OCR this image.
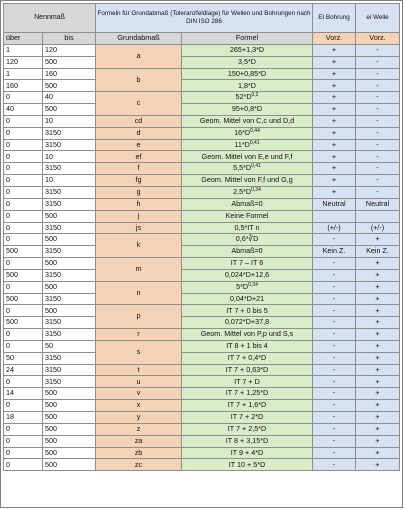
Nennmaß		Formeln für Grundabmaß (Toleranzfeldlage) für Wellen und Bohrungen nach DIN ISO 286		EI Bohrung	ei Welle
über	bis	Grundabmaß	Formel	Vorz.	Vorz.
1	120	a	265+1,3*D	+	-
120	500		3,5*D	+	-
1	160	b	150+0,85*D	+	-
160	500		1,8*D	+	-
0	40	c	$52*D^{0,2}$	+	-
40	500		95+0,8*D	+	-
0	10	cd	Geom. Mittel von C,c und D,d	+	-
0	3150	d	$16*D^{0,44}$	+	-
0	3150	e	$11*D^{0,41}$	+	-
0	10	ef	Geom. Mittel von E,e und F,f	+	-
0	3150	f	$5,5*D^{0,41}$	+	-
0	10	fg	Geom. Mittel von F,f und G,g	+	-
0	3150	g	$2,5*D^{0,34}$	+	-
0	3150	h	Abmaß=0	Neutral	Neutral
0	500	j	Keine Formel		
0	3150	js	0,5*IT n	(+/-)	(+/-)
0	500	k	0,6*∛D	-	+
500	3150		Abmaß=0	Kein Z.	Kein Z.
0	500	m	IT 7 – IT 6	-	+
500	3150		0,024*D+12,6	-	+
0	500	n	$5*D^{0,34}$	-	+
500	3150		0,04*D+21	-	+
0	500	p	IT 7 + 0 bis 5	-	+
500	3150		0,072*D+37,8	-	+
0	3150	r	Geom. Mittel von P,p und S,s	-	+
0	50	s	IT 8 + 1 bis 4	-	+
50	3150		IT 7 + 0,4*D	-	+
24	3150	t	IT 7 + 0,63*D	-	+
0	3150	u	IT 7 + D	-	+
14	500	v	IT 7 + 1,25*D	-	+
0	500	x	IT 7 + 1,6*D	-	+
18	500	y	IT 7 + 2*D	-	+
0	500	z	IT 7 + 2,5*D	-	+
0	500	za	IT 8 + 3,15*D	-	+
0	500	zb	IT 9 + 4*D	-	+
0	500	zc	IT 10 + 5*D	-	+
